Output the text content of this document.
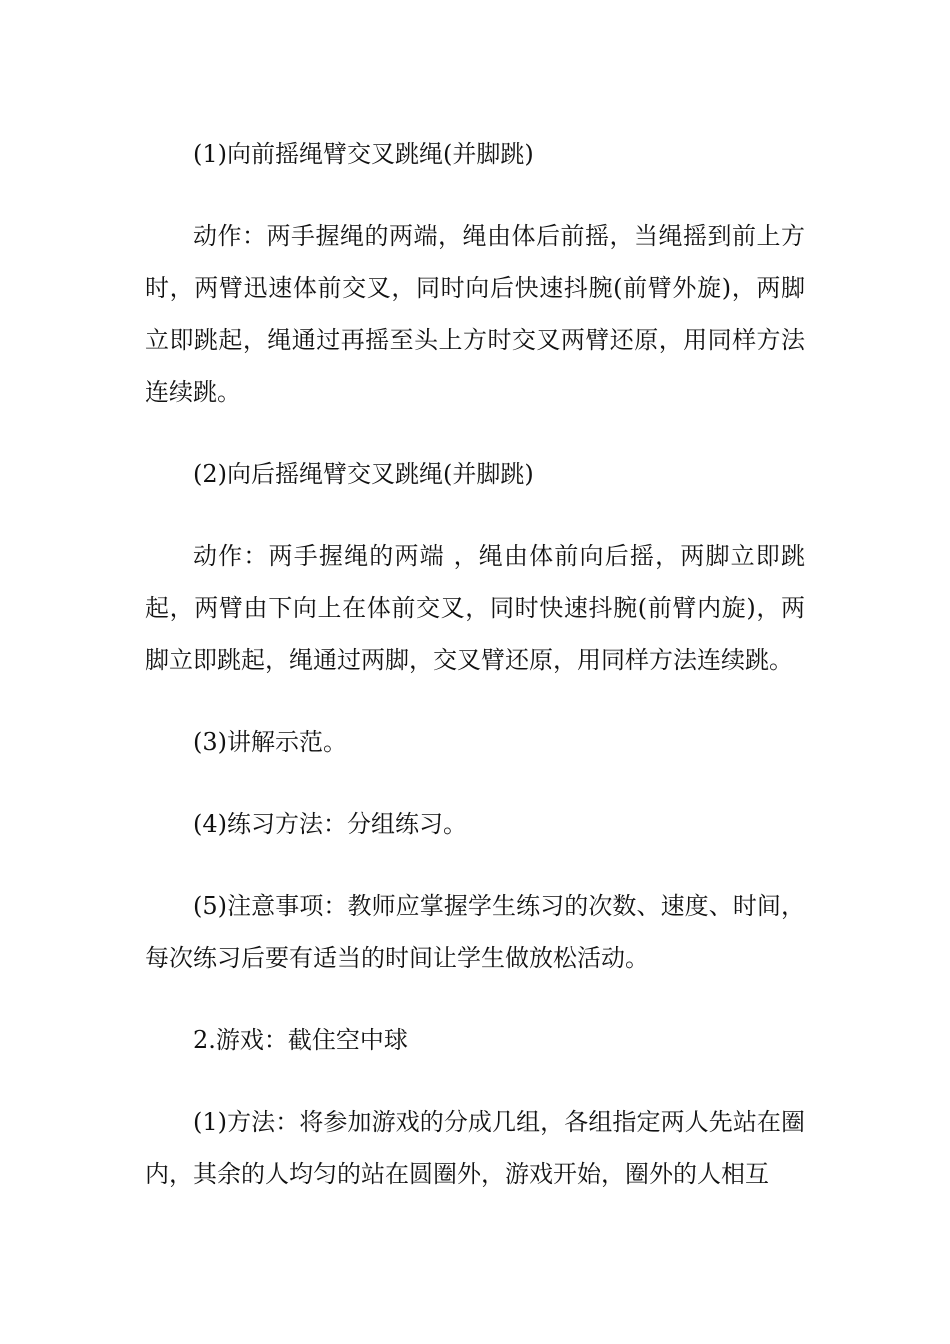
(1)向前摇绳臂交叉跳绳(并脚跳)

动作：两手握绳的两端，绳由体后前摇，当绳摇到前上方时，两臂迅速体前交叉，同时向后快速抖腕(前臂外旋)，两脚立即跳起，绳通过再摇至头上方时交叉两臂还原，用同样方法连续跳。

(2)向后摇绳臂交叉跳绳(并脚跳)

动作：两手握绳的两端 ，绳由体前向后摇，两脚立即跳起，两臂由下向上在体前交叉，同时快速抖腕(前臂内旋)，两脚立即跳起，绳通过两脚，交叉臂还原，用同样方法连续跳。

(3)讲解示范。

(4)练习方法：分组练习。

(5)注意事项：教师应掌握学生练习的次数、速度、时间，每次练习后要有适当的时间让学生做放松活动。

2.游戏：截住空中球

(1)方法：将参加游戏的分成几组，各组指定两人先站在圈内，其余的人均匀的站在圆圈外，游戏开始，圈外的人相互
